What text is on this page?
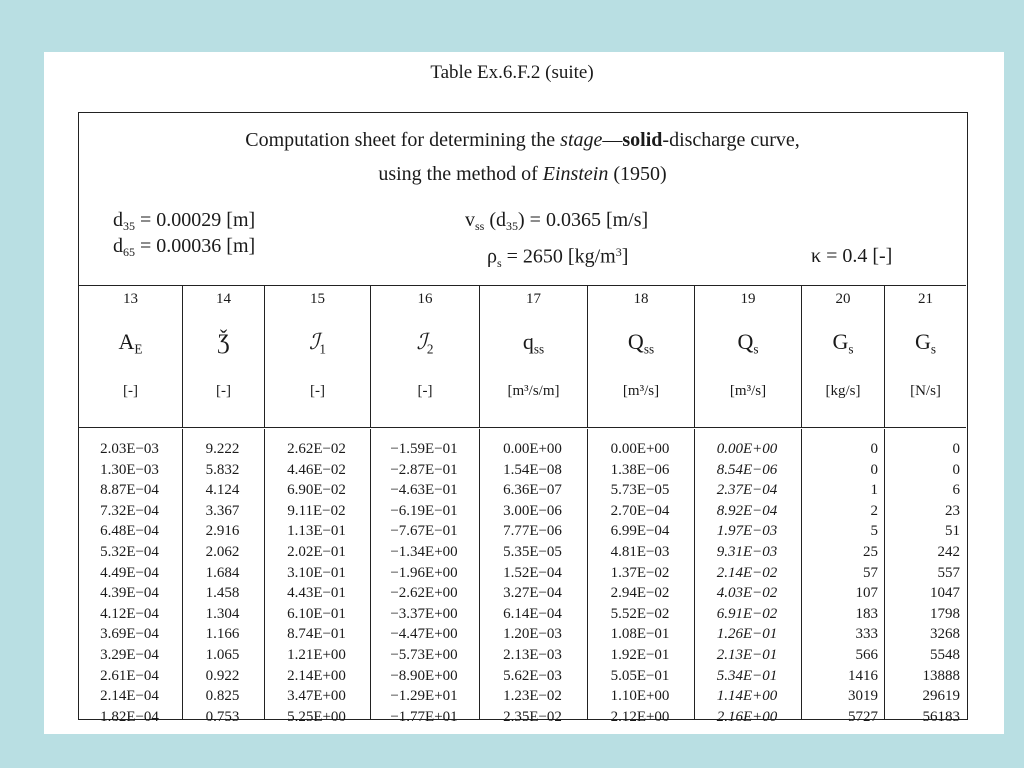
Table Ex.6.F.2 (suite)
Computation sheet for determining the stage—solid-discharge curve,
using the method of Einstein (1950)
$d_{35} = 0.00029$ [m]
$d_{65} = 0.00036$ [m]
$v_{ss}$ $(d_{35}) = 0.0365$ [m/s]
$\rho_s = 2650$ $[kg/m^3]$	κ = 0.4 [-]
13
$A_E$
[-]
14
Ǯ
[-]
15
ℐ$_1$
[-]
16
ℐ$_2$
[-]
17
$q_{ss}$
[m³/s/m]
18
$Q_{ss}$
[m³/s]
19
$Q_s$
[m³/s]
20
$G_s$
[kg/s]
21
$G_s$
[N/s]
2.03E−03
1.30E−03
8.87E−04
7.32E−04
6.48E−04
5.32E−04
4.49E−04
4.39E−04
4.12E−04
3.69E−04
3.29E−04
2.61E−04
2.14E−04
1.82E−04
9.222
5.832
4.124
3.367
2.916
2.062
1.684
1.458
1.304
1.166
1.065
0.922
0.825
0.753
2.62E−02
4.46E−02
6.90E−02
9.11E−02
1.13E−01
2.02E−01
3.10E−01
4.43E−01
6.10E−01
8.74E−01
1.21E+00
2.14E+00
3.47E+00
5.25E+00
−1.59E−01
−2.87E−01
−4.63E−01
−6.19E−01
−7.67E−01
−1.34E+00
−1.96E+00
−2.62E+00
−3.37E+00
−4.47E+00
−5.73E+00
−8.90E+00
−1.29E+01
−1.77E+01
0.00E+00
1.54E−08
6.36E−07
3.00E−06
7.77E−06
5.35E−05
1.52E−04
3.27E−04
6.14E−04
1.20E−03
2.13E−03
5.62E−03
1.23E−02
2.35E−02
0.00E+00
1.38E−06
5.73E−05
2.70E−04
6.99E−04
4.81E−03
1.37E−02
2.94E−02
5.52E−02
1.08E−01
1.92E−01
5.05E−01
1.10E+00
2.12E+00
0.00E+00
8.54E−06
2.37E−04
8.92E−04
1.97E−03
9.31E−03
2.14E−02
4.03E−02
6.91E−02
1.26E−01
2.13E−01
5.34E−01
1.14E+00
2.16E+00
0
0
1
2
5
25
57
107
183
333
566
1416
3019
5727
0
0
6
23
51
242
557
1047
1798
3268
5548
13888
29619
56183
